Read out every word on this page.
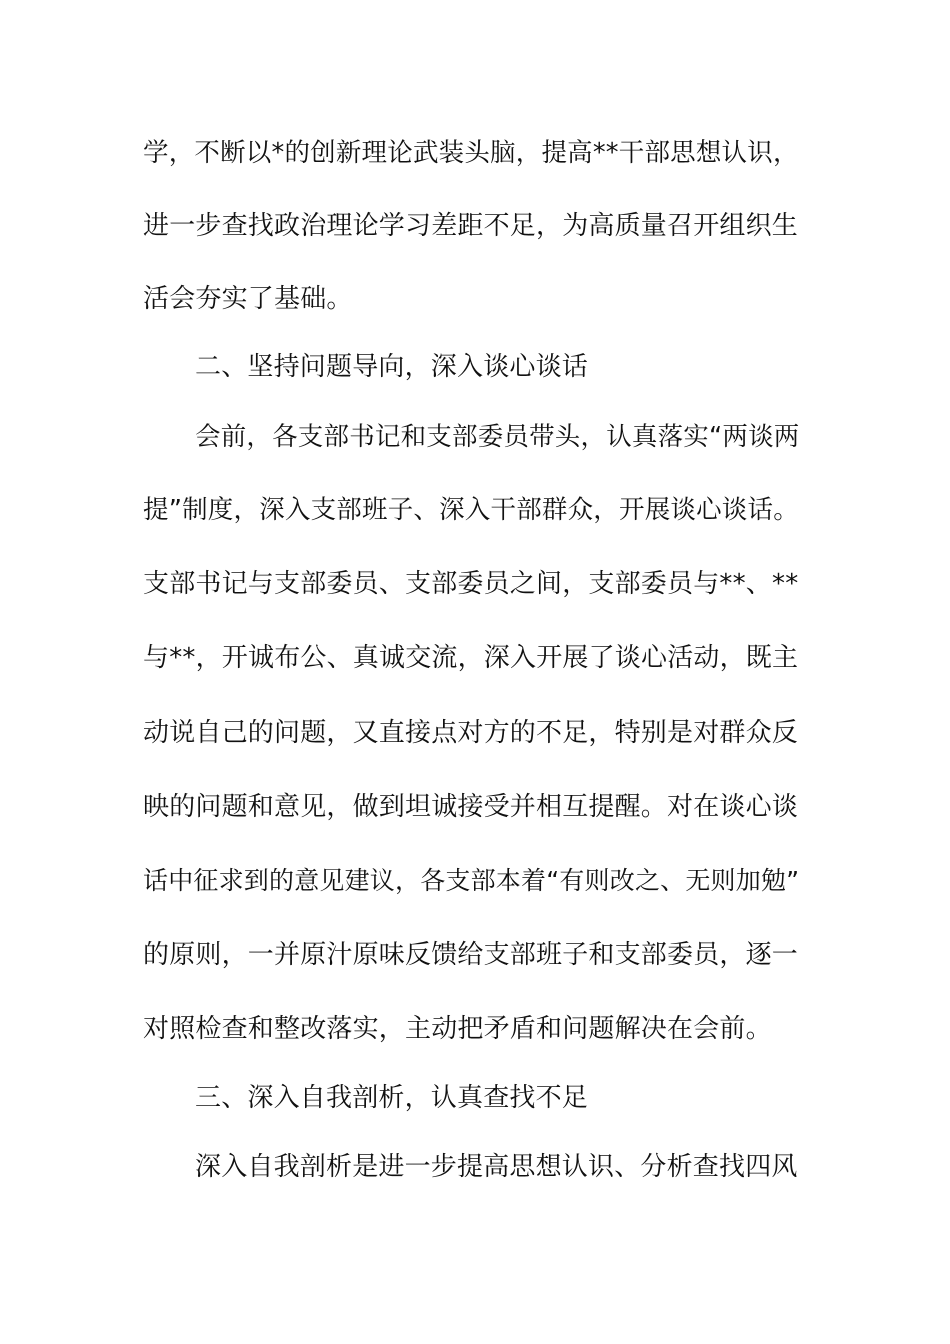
学，不断以*的创新理论武装头脑，提高**干部思想认识，
进一步查找政治理论学习差距不足，为高质量召开组织生
活会夯实了基础。
二、坚持问题导向，深入谈心谈话
会前，各支部书记和支部委员带头，认真落实“两谈两
提”制度，深入支部班子、深入干部群众，开展谈心谈话。
支部书记与支部委员、支部委员之间，支部委员与**、**
与**，开诚布公、真诚交流，深入开展了谈心活动，既主
动说自己的问题，又直接点对方的不足，特别是对群众反
映的问题和意见，做到坦诚接受并相互提醒。对在谈心谈
话中征求到的意见建议，各支部本着“有则改之、无则加勉”
的原则，一并原汁原味反馈给支部班子和支部委员，逐一
对照检查和整改落实，主动把矛盾和问题解决在会前。
三、深入自我剖析，认真查找不足
深入自我剖析是进一步提高思想认识、分析查找四风
